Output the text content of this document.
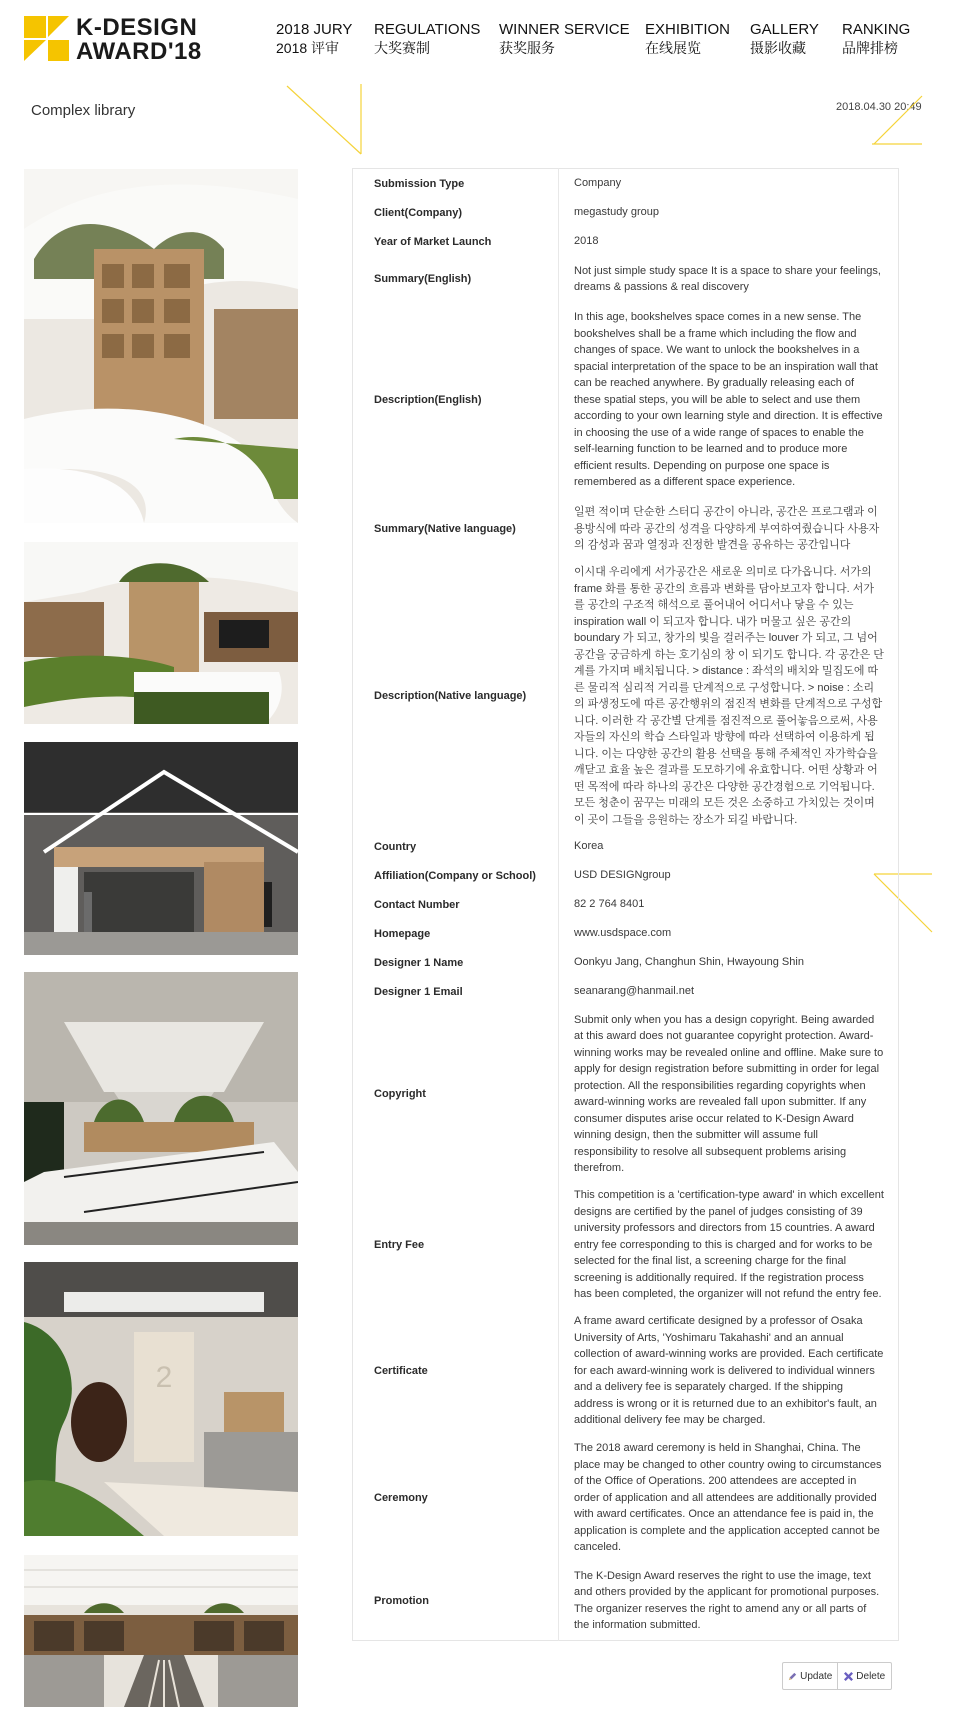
K-DESIGN
AWARD'18
2018 JURY
2018 评审
REGULATIONS
大奖赛制
WINNER SERVICE
获奖服务
EXHIBITION
在线展览
GALLERY
摄影收藏
RANKING
品牌排榜
Complex library	2018.04.30 20:49
2
Submission Type	Company
Client(Company)	megastudy group
Year of Market Launch	2018
Summary(English)	Not just simple study space It is a space to share your feelings, dreams & passions & real discovery
Description(English)	In this age, bookshelves space comes in a new sense. The bookshelves shall be a frame which including the flow and changes of space. We want to unlock the bookshelves in a spacial interpretation of the space to be an inspiration wall that can be reached anywhere. By gradually releasing each of these spatial steps, you will be able to select and use them according to your own learning style and direction. It is effective in choosing the use of a wide range of spaces to enable the self-learning function to be learned and to produce more efficient results. Depending on purpose one space is remembered as a different space experience.
Summary(Native language)	일편 적이며 단순한 스터디 공간이 아니라, 공간은 프로그램과 이용방식에 따라 공간의 성격을 다양하게 부여하여줬습니다 사용자의 감성과 꿈과 열정과 진정한 발견을 공유하는 공간입니다
Description(Native language)	이시대 우리에게 서가공간은 새로운 의미로 다가옵니다. 서가의 frame 화를 통한 공간의 흐름과 변화를 담아보고자 합니다. 서가를 공간의 구조적 해석으로 풀어내어 어디서나 닿을 수 있는 inspiration wall 이 되고자 합니다. 내가 머물고 싶은 공간의 boundary 가 되고, 창가의 빛을 걸러주는 louver 가 되고, 그 넘어 공간을 궁금하게 하는 호기심의 창 이 되기도 합니다. 각 공간은 단계를 가지며 배치됩니다. > distance : 좌석의 배치와 밀집도에 따른 물리적 심리적 거리를 단계적으로 구성합니다. > noise : 소리의 파생정도에 따른 공간행위의 점진적 변화를 단계적으로 구성합니다. 이러한 각 공간별 단계를 점진적으로 풀어놓음으로써, 사용자들의 자신의 학습 스타일과 방향에 따라 선택하여 이용하게 됩니다. 이는 다양한 공간의 활용 선택을 통해 주체적인 자가학습을 깨닫고 효율 높은 결과를 도모하기에 유효합니다. 어떤 상황과 어떤 목적에 따라 하나의 공간은 다양한 공간경험으로 기억됩니다. 모든 청춘이 꿈꾸는 미래의 모든 것은 소중하고 가치있는 것이며 이 곳이 그들을 응원하는 장소가 되길 바랍니다.
Country	Korea
Affiliation(Company or School)	USD DESIGNgroup
Contact Number	82 2 764 8401
Homepage	www.usdspace.com
Designer 1 Name	Oonkyu Jang, Changhun Shin, Hwayoung Shin
Designer 1 Email	seanarang@hanmail.net
Copyright	Submit only when you has a design copyright. Being awarded at this award does not guarantee copyright protection. Award-winning works may be revealed online and offline. Make sure to apply for design registration before submitting in order for legal protection. All the responsibilities regarding copyrights when award-winning works are revealed fall upon submitter. If any consumer disputes arise occur related to K-Design Award winning design, then the submitter will assume full responsibility to resolve all subsequent problems arising therefrom.
Entry Fee	This competition is a 'certification-type award' in which excellent designs are certified by the panel of judges consisting of 39 university professors and directors from 15 countries. A award entry fee corresponding to this is charged and for works to be selected for the final list, a screening charge for the final screening is additionally required. If the registration process has been completed, the organizer will not refund the entry fee.
Certificate	A frame award certificate designed by a professor of Osaka University of Arts, 'Yoshimaru Takahashi' and an annual collection of award-winning works are provided. Each certificate for each award-winning work is delivered to individual winners and a delivery fee is separately charged. If the shipping address is wrong or it is returned due to an exhibitor's fault, an additional delivery fee may be charged.
Ceremony	The 2018 award ceremony is held in Shanghai, China. The place may be changed to other country owing to circumstances of the Office of Operations. 200 attendees are accepted in order of application and all attendees are additionally provided with award certificates. Once an attendance fee is paid in, the application is complete and the application accepted cannot be canceled.
Promotion	The K-Design Award reserves the right to use the image, text and others provided by the applicant for promotional purposes. The organizer reserves the right to amend any or all parts of the information submitted.
Update Delete
